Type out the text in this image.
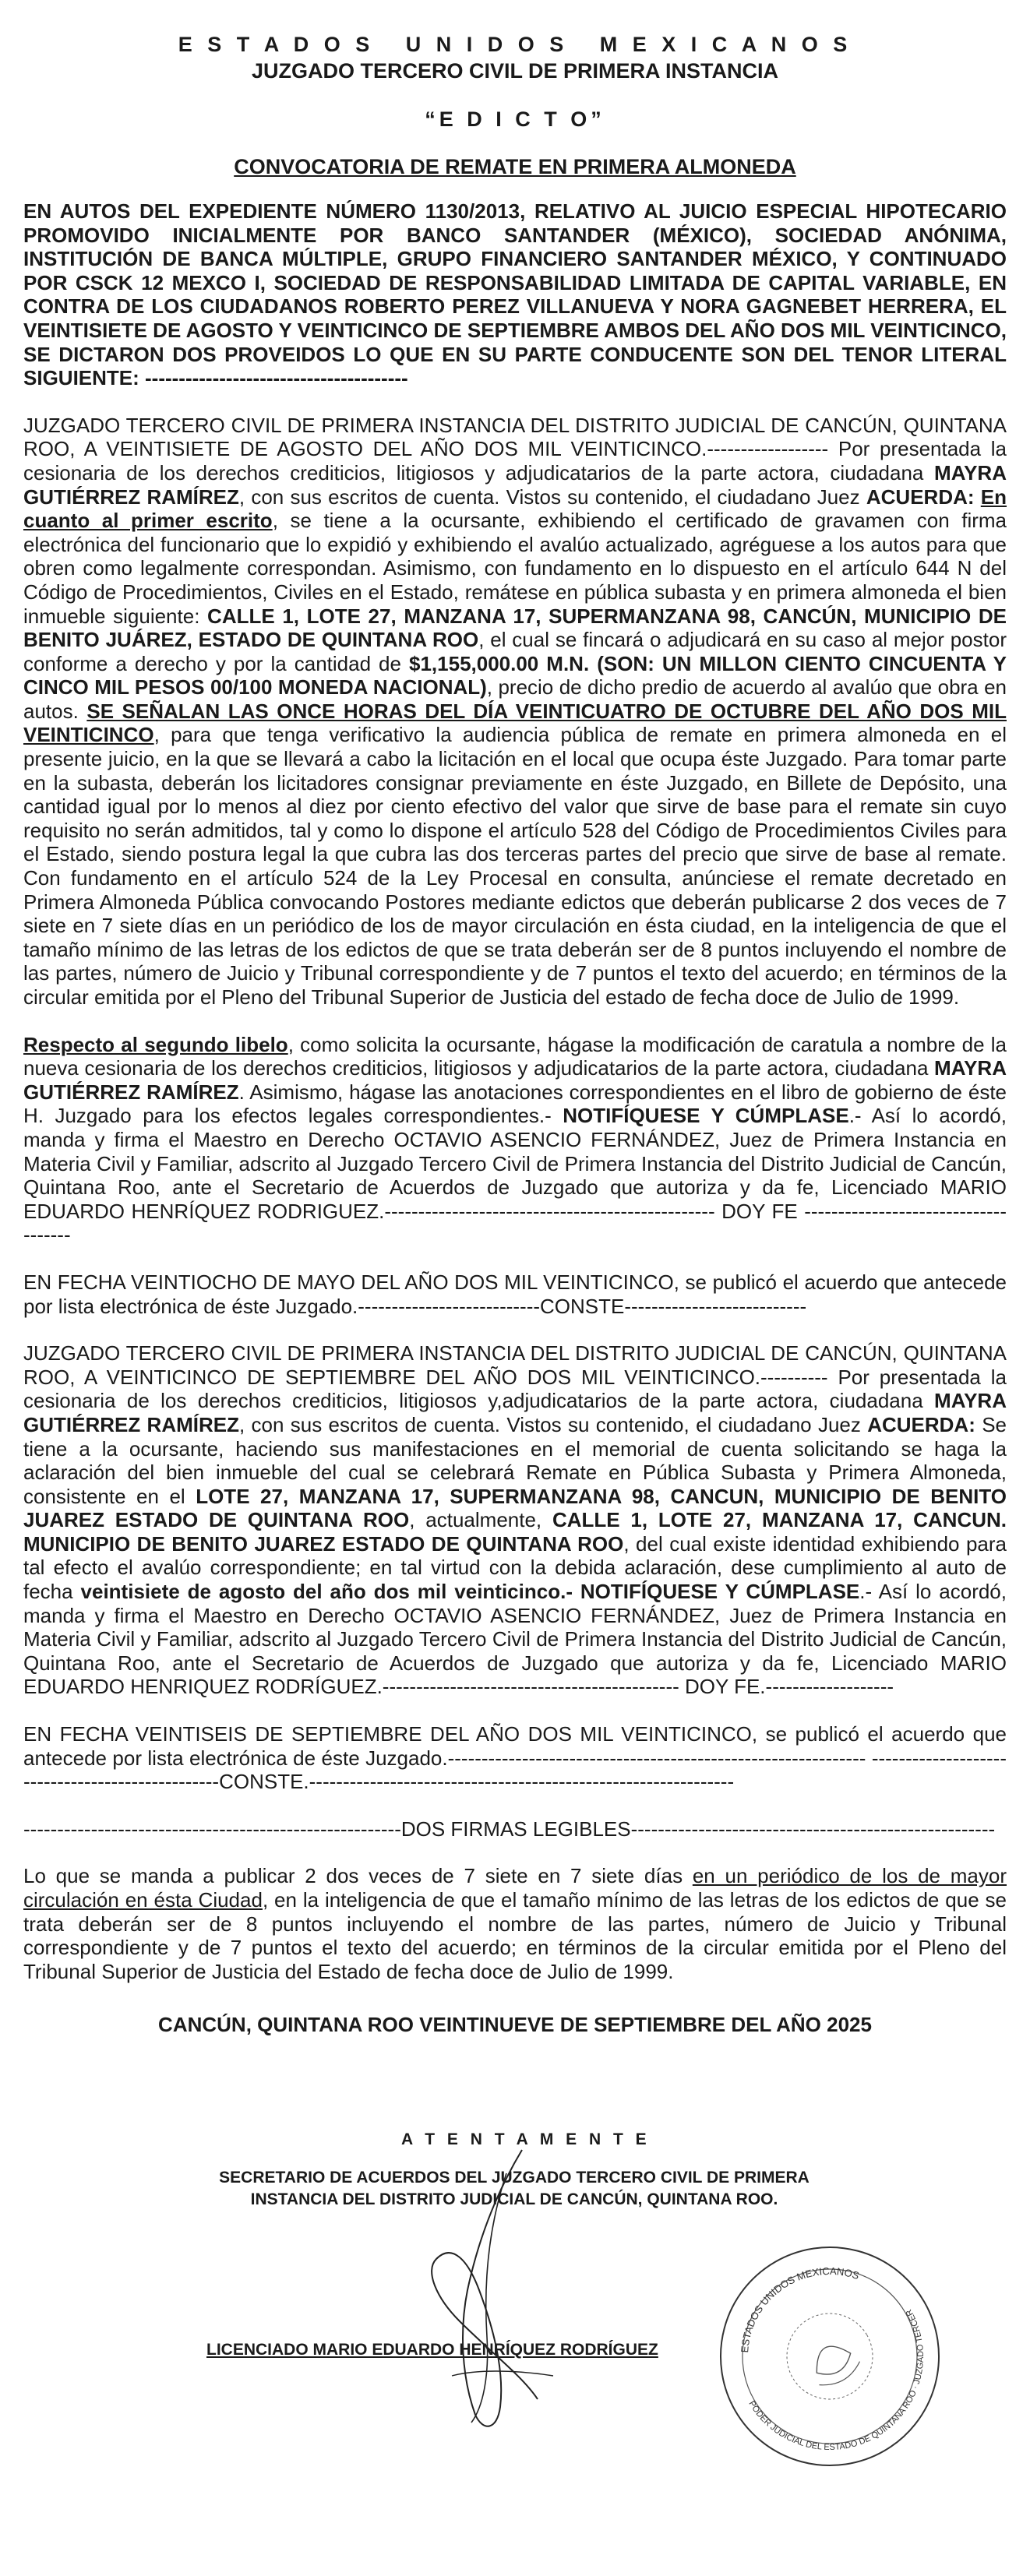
E S T A D O S   U N I D O S   M E X I C A N O S
JUZGADO TERCERO CIVIL DE PRIMERA INSTANCIA
“E D I C T O”
CONVOCATORIA DE REMATE EN PRIMERA ALMONEDA

EN AUTOS DEL EXPEDIENTE NÚMERO 1130/2013, RELATIVO AL JUICIO ESPECIAL HIPOTECARIO PROMOVIDO INICIALMENTE POR BANCO SANTANDER (MÉXICO), SOCIEDAD ANÓNIMA, INSTITUCIÓN DE BANCA MÚLTIPLE, GRUPO FINANCIERO SANTANDER MÉXICO, Y CONTINUADO POR CSCK 12 MEXCO I, SOCIEDAD DE RESPONSABILIDAD LIMITADA DE CAPITAL VARIABLE, EN CONTRA DE LOS CIUDADANOS ROBERTO PEREZ VILLANUEVA Y NORA GAGNEBET HERRERA, EL VEINTISIETE DE AGOSTO Y VEINTICINCO DE SEPTIEMBRE AMBOS DEL AÑO DOS MIL VEINTICINCO, SE DICTARON DOS PROVEIDOS LO QUE EN SU PARTE CONDUCENTE SON DEL TENOR LITERAL SIGUIENTE: ---------------------------------------

JUZGADO TERCERO CIVIL DE PRIMERA INSTANCIA DEL DISTRITO JUDICIAL DE CANCÚN, QUINTANA ROO, A VEINTISIETE DE AGOSTO DEL AÑO DOS MIL VEINTICINCO.------------------ Por presentada la cesionaria de los derechos crediticios, litigiosos y adjudicatarios de la parte actora, ciudadana MAYRA GUTIÉRREZ RAMÍREZ, con sus escritos de cuenta. Vistos su contenido, el ciudadano Juez ACUERDA: En cuanto al primer escrito, se tiene a la ocursante, exhibiendo el certificado de gravamen con firma electrónica del funcionario que lo expidió y exhibiendo el avalúo actualizado, agréguese a los autos para que obren como legalmente correspondan. Asimismo, con fundamento en lo dispuesto en el artículo 644 N del Código de Procedimientos, Civiles en el Estado, remátese en pública subasta y en primera almoneda el bien inmueble siguiente: CALLE 1, LOTE 27, MANZANA 17, SUPERMANZANA 98, CANCÚN, MUNICIPIO DE BENITO JUÁREZ, ESTADO DE QUINTANA ROO, el cual se fincará o adjudicará en su caso al mejor postor conforme a derecho y por la cantidad de $1,155,000.00 M.N. (SON: UN MILLON CIENTO CINCUENTA Y CINCO MIL PESOS 00/100 MONEDA NACIONAL), precio de dicho predio de acuerdo al avalúo que obra en autos. SE SEÑALAN LAS ONCE HORAS DEL DÍA VEINTICUATRO DE OCTUBRE DEL AÑO DOS MIL VEINTICINCO, para que tenga verificativo la audiencia pública de remate en primera almoneda en el presente juicio, en la que se llevará a cabo la licitación en el local que ocupa éste Juzgado. Para tomar parte en la subasta, deberán los licitadores consignar previamente en éste Juzgado, en Billete de Depósito, una cantidad igual por lo menos al diez por ciento efectivo del valor que sirve de base para el remate sin cuyo requisito no serán admitidos, tal y como lo dispone el artículo 528 del Código de Procedimientos Civiles para el Estado, siendo postura legal la que cubra las dos terceras partes del precio que sirve de base al remate. Con fundamento en el artículo 524 de la Ley Procesal en consulta, anúnciese el remate decretado en Primera Almoneda Pública convocando Postores mediante edictos que deberán publicarse 2 dos veces de 7 siete en 7 siete días en un periódico de los de mayor circulación en ésta ciudad, en la inteligencia de que el tamaño mínimo de las letras de los edictos de que se trata deberán ser de 8 puntos incluyendo el nombre de las partes, número de Juicio y Tribunal correspondiente y de 7 puntos el texto del acuerdo; en términos de la circular emitida por el Pleno del Tribunal Superior de Justicia del estado de fecha doce de Julio de 1999.

Respecto al segundo libelo, como solicita la ocursante, hágase la modificación de caratula a nombre de la nueva cesionaria de los derechos crediticios, litigiosos y adjudicatarios de la parte actora, ciudadana MAYRA GUTIÉRREZ RAMÍREZ. Asimismo, hágase las anotaciones correspondientes en el libro de gobierno de éste H. Juzgado para los efectos legales correspondientes.- NOTIFÍQUESE Y CÚMPLASE.- Así lo acordó, manda y firma el Maestro en Derecho OCTAVIO ASENCIO FERNÁNDEZ, Juez de Primera Instancia en Materia Civil y Familiar, adscrito al Juzgado Tercero Civil de Primera Instancia del Distrito Judicial de Cancún, Quintana Roo, ante el Secretario de Acuerdos de Juzgado que autoriza y da fe, Licenciado MARIO EDUARDO HENRÍQUEZ RODRIGUEZ.------------------------------------------------- DOY FE -------------------------------------

EN FECHA VEINTIOCHO DE MAYO DEL AÑO DOS MIL VEINTICINCO, se publicó el acuerdo que antecede por lista electrónica de éste Juzgado.---------------------------CONSTE---------------------------

JUZGADO TERCERO CIVIL DE PRIMERA INSTANCIA DEL DISTRITO JUDICIAL DE CANCÚN, QUINTANA ROO, A VEINTICINCO DE SEPTIEMBRE DEL AÑO DOS MIL VEINTICINCO.---------- Por presentada la cesionaria de los derechos crediticios, litigiosos y,adjudicatarios de la parte actora, ciudadana MAYRA GUTIÉRREZ RAMÍREZ, con sus escritos de cuenta. Vistos su contenido, el ciudadano Juez ACUERDA: Se tiene a la ocursante, haciendo sus manifestaciones en el memorial de cuenta solicitando se haga la aclaración del bien inmueble del cual se celebrará Remate en Pública Subasta y Primera Almoneda, consistente en el LOTE 27, MANZANA 17, SUPERMANZANA 98, CANCUN, MUNICIPIO DE BENITO JUAREZ ESTADO DE QUINTANA ROO, actualmente, CALLE 1, LOTE 27, MANZANA 17, CANCUN. MUNICIPIO DE BENITO JUAREZ ESTADO DE QUINTANA ROO, del cual existe identidad exhibiendo para tal efecto el avalúo correspondiente; en tal virtud con la debida aclaración, dese cumplimiento al auto de fecha veintisiete de agosto del año dos mil veinticinco.- NOTIFÍQUESE Y CÚMPLASE.- Así lo acordó, manda y firma el Maestro en Derecho OCTAVIO ASENCIO FERNÁNDEZ, Juez de Primera Instancia en Materia Civil y Familiar, adscrito al Juzgado Tercero Civil de Primera Instancia del Distrito Judicial de Cancún, Quintana Roo, ante el Secretario de Acuerdos de Juzgado que autoriza y da fe, Licenciado MARIO EDUARDO HENRIQUEZ RODRÍGUEZ.-------------------------------------------- DOY FE.-------------------

EN FECHA VEINTISEIS DE SEPTIEMBRE DEL AÑO DOS MIL VEINTICINCO, se publicó el acuerdo que antecede por lista electrónica de éste Juzgado.-------------------------------------------------------------- -------------------------------------------------CONSTE.---------------------------------------------------------------

--------------------------------------------------------DOS FIRMAS LEGIBLES------------------------------------------------------

Lo que se manda a publicar 2 dos veces de 7 siete en 7 siete días en un periódico de los de mayor circulación en ésta Ciudad, en la inteligencia de que el tamaño mínimo de las letras de los edictos de que se trata deberán ser de 8 puntos incluyendo el nombre de las partes, número de Juicio y Tribunal correspondiente y de 7 puntos el texto del acuerdo; en términos de la circular emitida por el Pleno del Tribunal Superior de Justicia del Estado de fecha doce de Julio de 1999.

CANCÚN, QUINTANA ROO VEINTINUEVE DE SEPTIEMBRE DEL AÑO 2025
A T E N T A M E N T E
SECRETARIO DE ACUERDOS DEL JUZGADO TERCERO CIVIL DE PRIMERA INSTANCIA DEL DISTRITO JUDICIAL DE CANCÚN, QUINTANA ROO.
LICENCIADO MARIO EDUARDO HENRÍQUEZ RODRÍGUEZ
PODER JUDICIAL DEL ESTADO DE QUINTANA ROO · JUZGADO TERCERO
ESTADOS UNIDOS MEXICANOS
